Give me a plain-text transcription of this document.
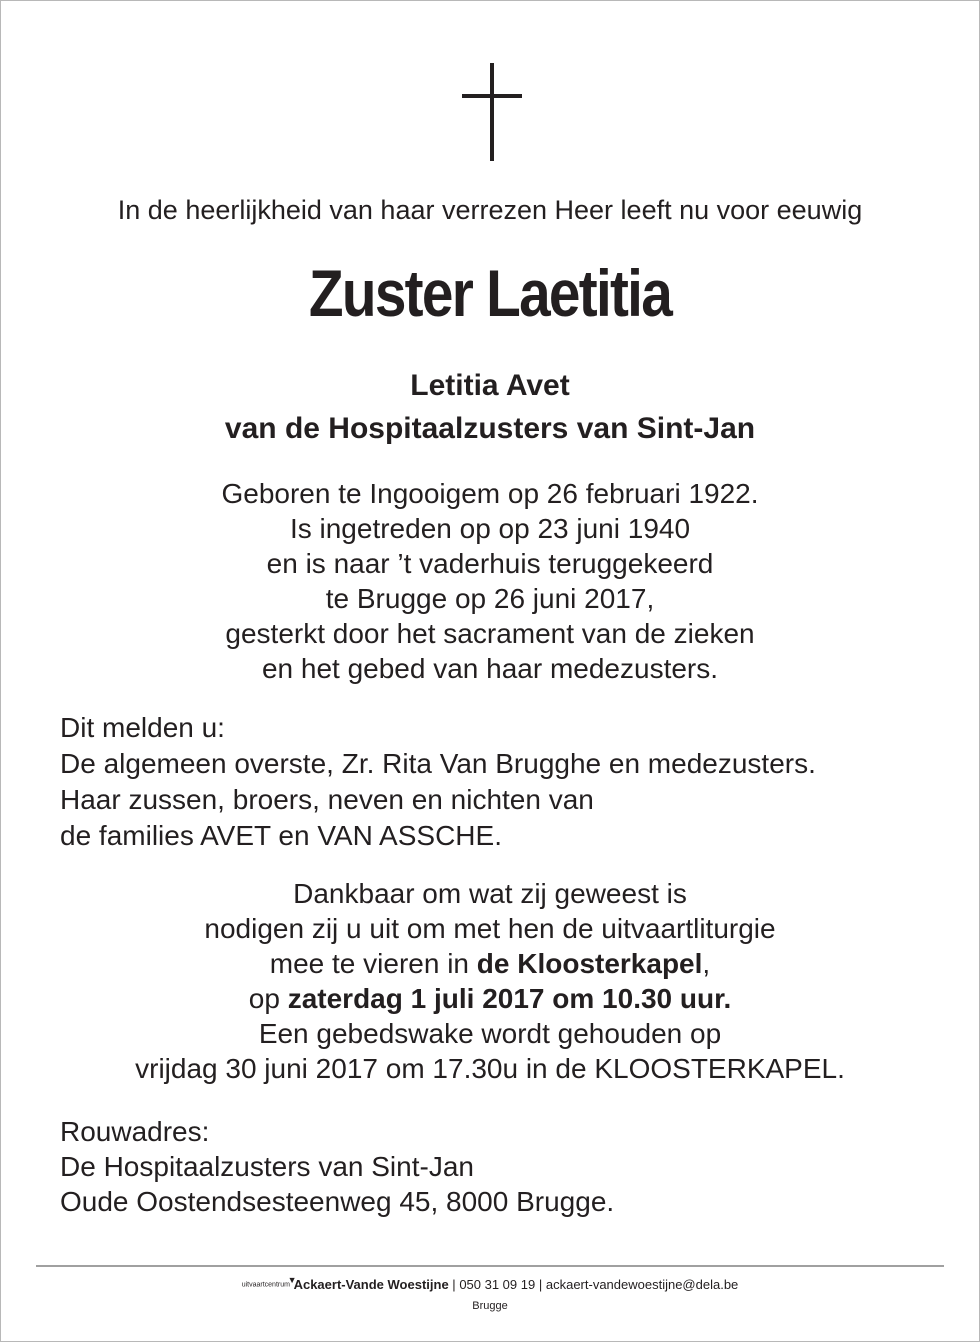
In de heerlijkheid van haar verrezen Heer leeft nu voor eeuwig
Zuster Laetitia
Letitia Avet
van de Hospitaalzusters van Sint-Jan
Geboren te Ingooigem op 26 februari 1922.
Is ingetreden op op 23 juni 1940
en is naar ’t vaderhuis teruggekeerd
te Brugge op 26 juni 2017,
gesterkt door het sacrament van de zieken
en het gebed van haar medezusters.
Dit melden u:
De algemeen overste, Zr. Rita Van Brugghe en medezusters.
Haar zussen, broers, neven en nichten van
de families AVET en VAN ASSCHE.
Dankbaar om wat zij geweest is
nodigen zij u uit om met hen de uitvaartliturgie
mee te vieren in de Kloosterkapel,
op zaterdag 1 juli 2017 om 10.30 uur.
Een gebedswake wordt gehouden op
vrijdag 30 juni 2017 om 17.30u in de KLOOSTERKAPEL.
Rouwadres:
De Hospitaalzusters van Sint-Jan
Oude Oostendsesteenweg 45, 8000 Brugge.
uitvaartcentrum
▼
Ackaert-Vande Woestijne | 050 31 09 19 | ackaert-vandewoestijne@dela.be
Brugge
